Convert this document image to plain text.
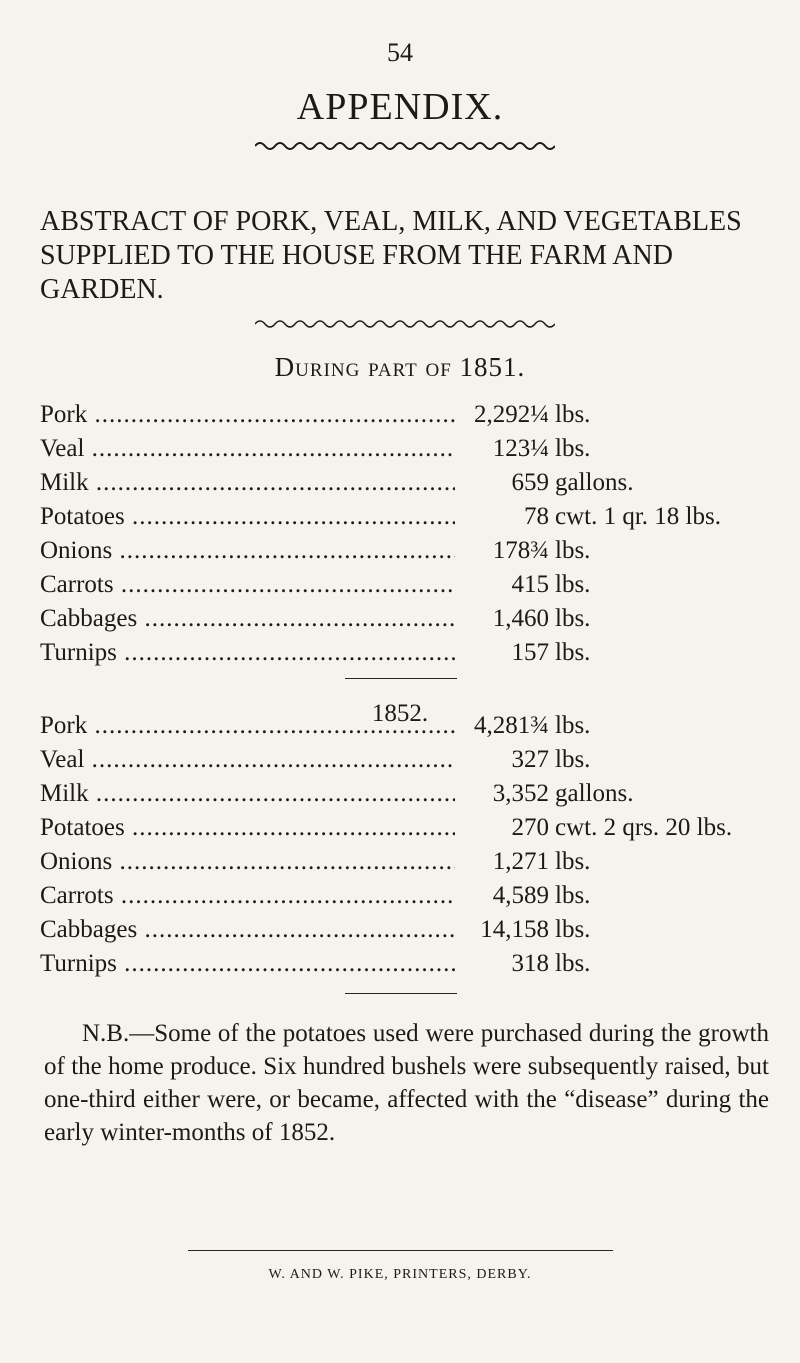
54
APPENDIX.
ABSTRACT OF PORK, VEAL, MILK, AND VEGETABLES SUPPLIED TO THE HOUSE FROM THE FARM AND GARDEN.
During part of 1851.
Pork .....	2,292¼ lbs.
Veal .....	123¼ lbs.
Milk .....	659 gallons.
Potatoes .....	78 cwt. 1 qr. 18 lbs.
Onions .....	178¾ lbs.
Carrots .....	415 lbs.
Cabbages .....	1,460 lbs.
Turnips .....	157 lbs.
1852.
Pork .....	4,281¾ lbs.
Veal .....	327 lbs.
Milk .....	3,352 gallons.
Potatoes .....	270 cwt. 2 qrs. 20 lbs.
Onions .....	1,271 lbs.
Carrots .....	4,589 lbs.
Cabbages .....	14,158 lbs.
Turnips .....	318 lbs.
N.B.—Some of the potatoes used were purchased during the growth of the home produce. Six hundred bushels were subsequently raised, but one-third either were, or became, affected with the “disease” during the early winter-months of 1852.
W. AND W. PIKE, PRINTERS, DERBY.
